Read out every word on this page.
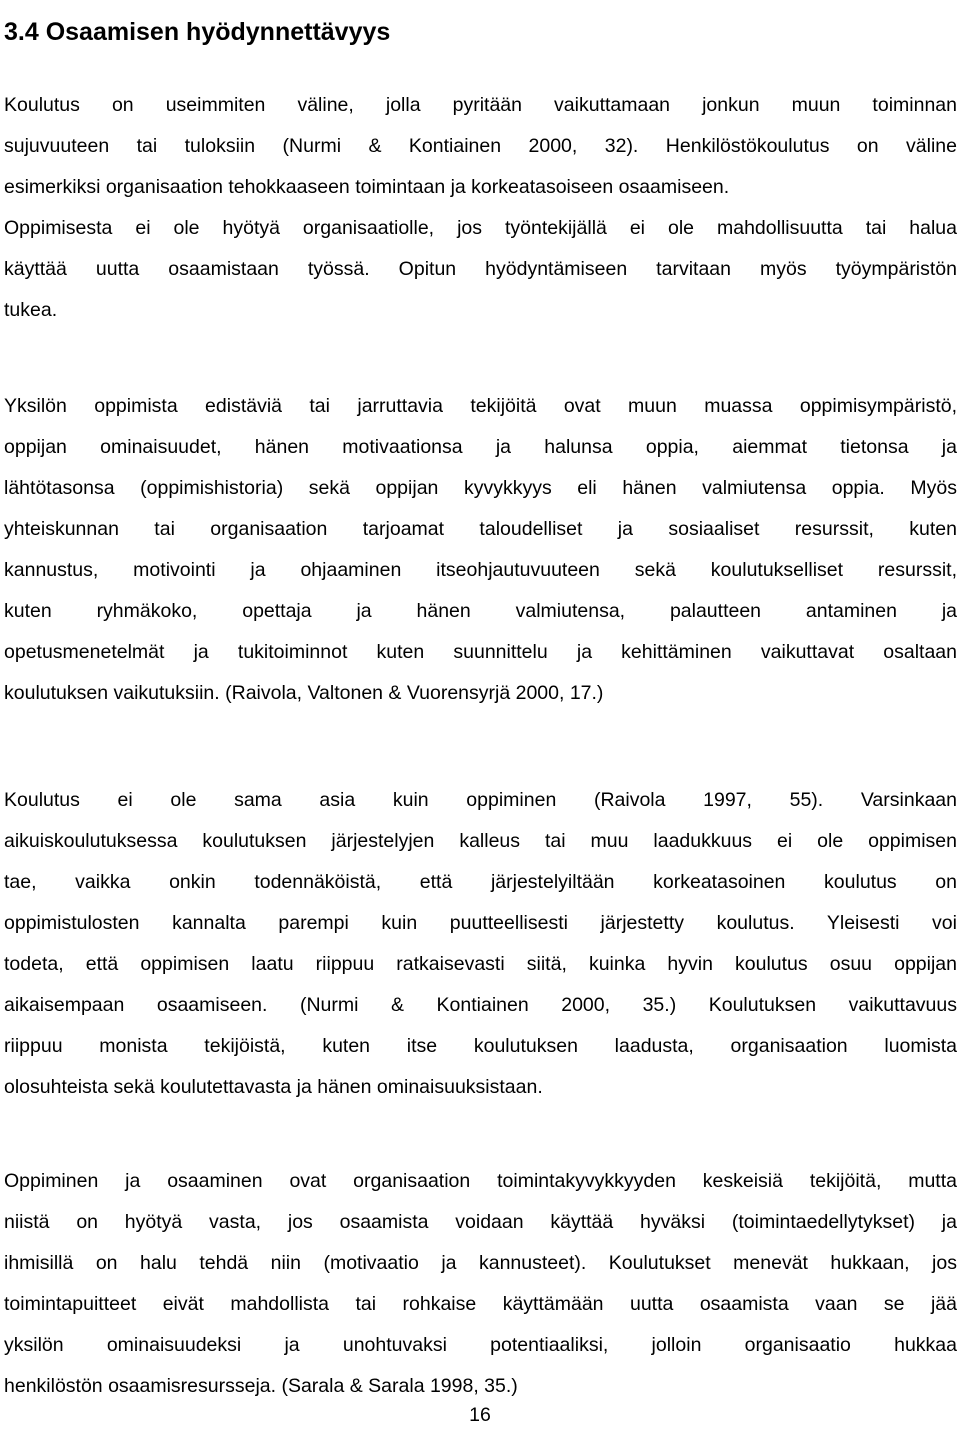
3.4 Osaamisen hyödynnettävyys
Koulutus on useimmiten väline, jolla pyritään vaikuttamaan jonkun muun toiminnan
sujuvuuteen tai tuloksiin (Nurmi & Kontiainen 2000, 32). Henkilöstökoulutus on väline
esimerkiksi organisaation tehokkaaseen toimintaan ja korkeatasoiseen osaamiseen.
Oppimisesta ei ole hyötyä organisaatiolle, jos työntekijällä ei ole mahdollisuutta tai halua
käyttää uutta osaamistaan työssä. Opitun hyödyntämiseen tarvitaan myös työympäristön
tukea.
Yksilön oppimista edistäviä tai jarruttavia tekijöitä ovat muun muassa oppimisympäristö,
oppijan ominaisuudet, hänen motivaationsa ja halunsa oppia, aiemmat tietonsa ja
lähtötasonsa (oppimishistoria) sekä oppijan kyvykkyys eli hänen valmiutensa oppia. Myös
yhteiskunnan tai organisaation tarjoamat taloudelliset ja sosiaaliset resurssit, kuten
kannustus, motivointi ja ohjaaminen itseohjautuvuuteen sekä koulutukselliset resurssit,
kuten ryhmäkoko, opettaja ja hänen valmiutensa, palautteen antaminen ja
opetusmenetelmät ja tukitoiminnot kuten suunnittelu ja kehittäminen vaikuttavat osaltaan
koulutuksen vaikutuksiin. (Raivola, Valtonen & Vuorensyrjä 2000, 17.)
Koulutus ei ole sama asia kuin oppiminen (Raivola 1997, 55). Varsinkaan
aikuiskoulutuksessa koulutuksen järjestelyjen kalleus tai muu laadukkuus ei ole oppimisen
tae, vaikka onkin todennäköistä, että järjestelyiltään korkeatasoinen koulutus on
oppimistulosten kannalta parempi kuin puutteellisesti järjestetty koulutus. Yleisesti voi
todeta, että oppimisen laatu riippuu ratkaisevasti siitä, kuinka hyvin koulutus osuu oppijan
aikaisempaan osaamiseen. (Nurmi & Kontiainen 2000, 35.) Koulutuksen vaikuttavuus
riippuu monista tekijöistä, kuten itse koulutuksen laadusta, organisaation luomista
olosuhteista sekä koulutettavasta ja hänen ominaisuuksistaan.
Oppiminen ja osaaminen ovat organisaation toimintakyvykkyyden keskeisiä tekijöitä, mutta
niistä on hyötyä vasta, jos osaamista voidaan käyttää hyväksi (toimintaedellytykset) ja
ihmisillä on halu tehdä niin (motivaatio ja kannusteet). Koulutukset menevät hukkaan, jos
toimintapuitteet eivät mahdollista tai rohkaise käyttämään uutta osaamista vaan se jää
yksilön ominaisuudeksi ja unohtuvaksi potentiaaliksi, jolloin organisaatio hukkaa
henkilöstön osaamisresursseja. (Sarala & Sarala 1998, 35.)
16
